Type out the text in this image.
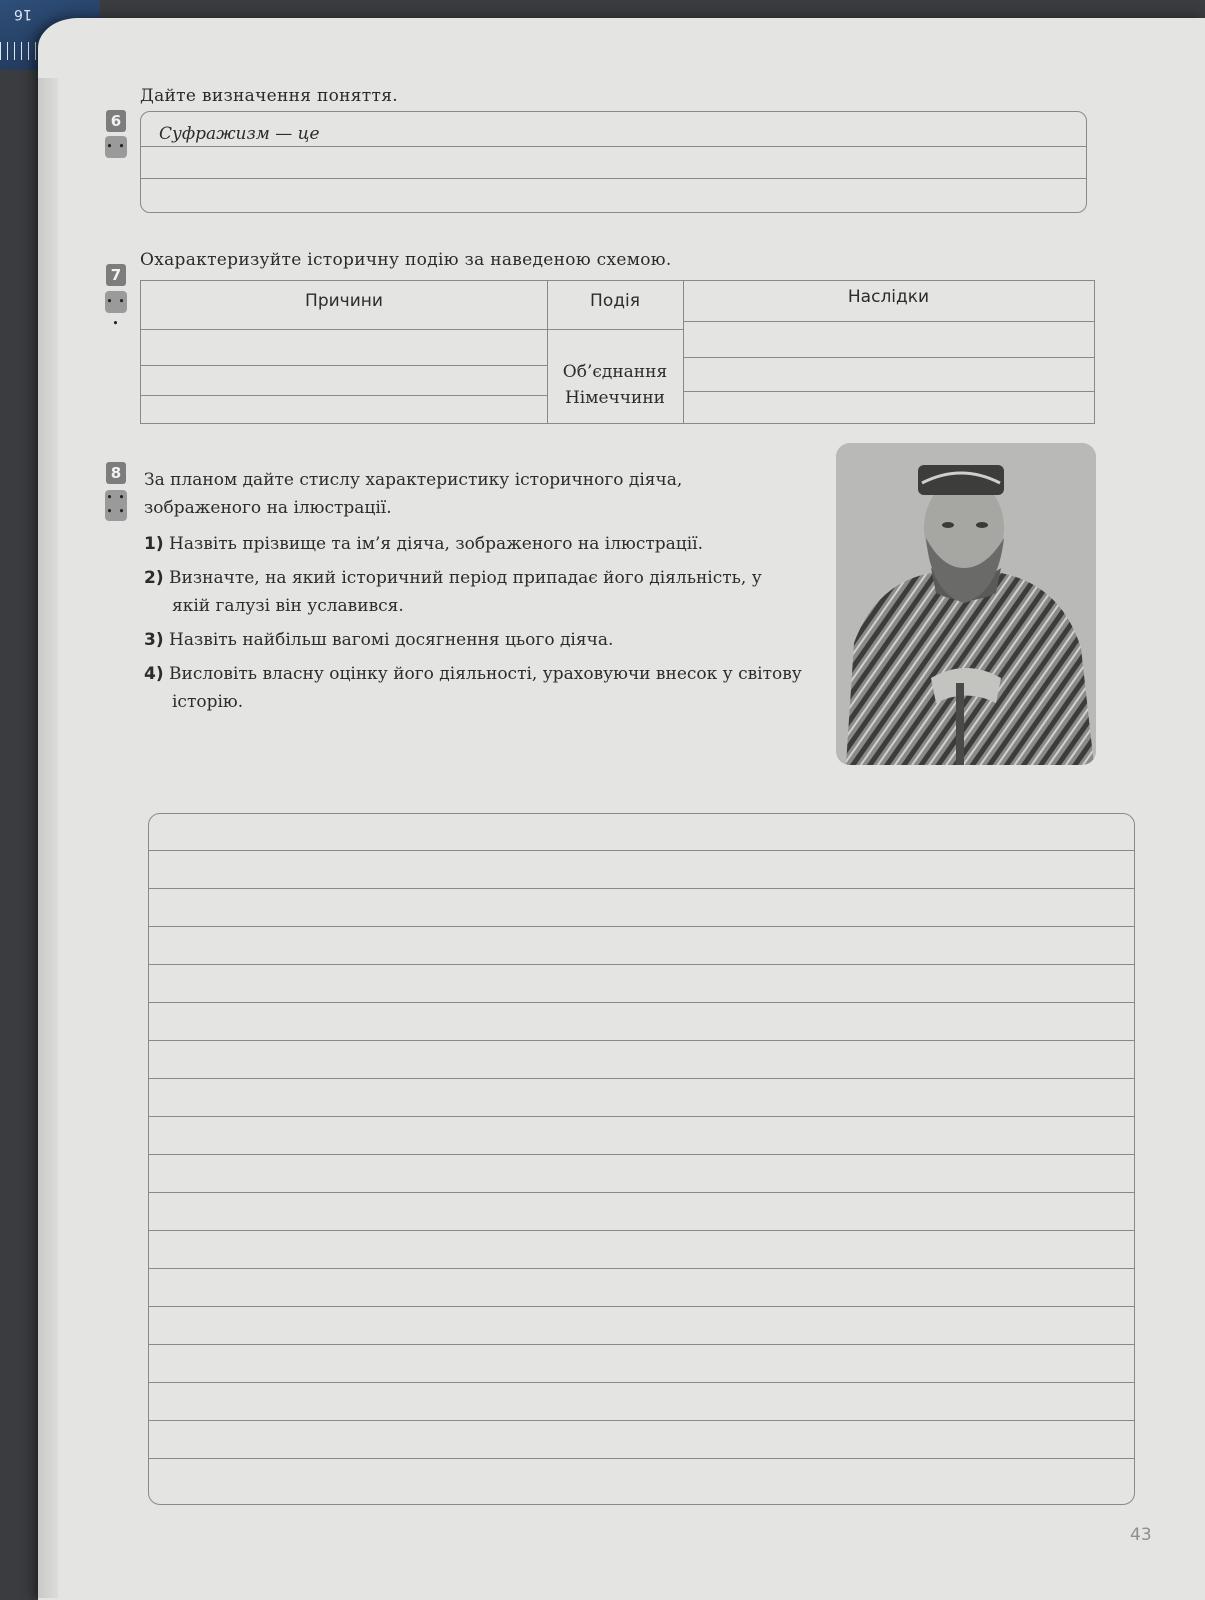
16
6
• •
Дайте визначення поняття.
Суфражизм — це
7
• • •
Охарактеризуйте історичну подію за наведеною схемою.
Причини	Подія
Об’єднання
Німеччини
Наслідки
8
• • • •

За планом дайте стислу характеристику історичного діяча, зображеного на ілюстрації.

1) Назвіть прізвище та ім’я діяча, зображеного на ілюстрації.
2) Визначте, на який історичний період припадає його діяльність, у якій галузі він уславився.
3) Назвіть найбільш вагомі досягнення цього діяча.
4) Висловіть власну оцінку його діяльності, ураховуючи внесок у світову історію.
43
